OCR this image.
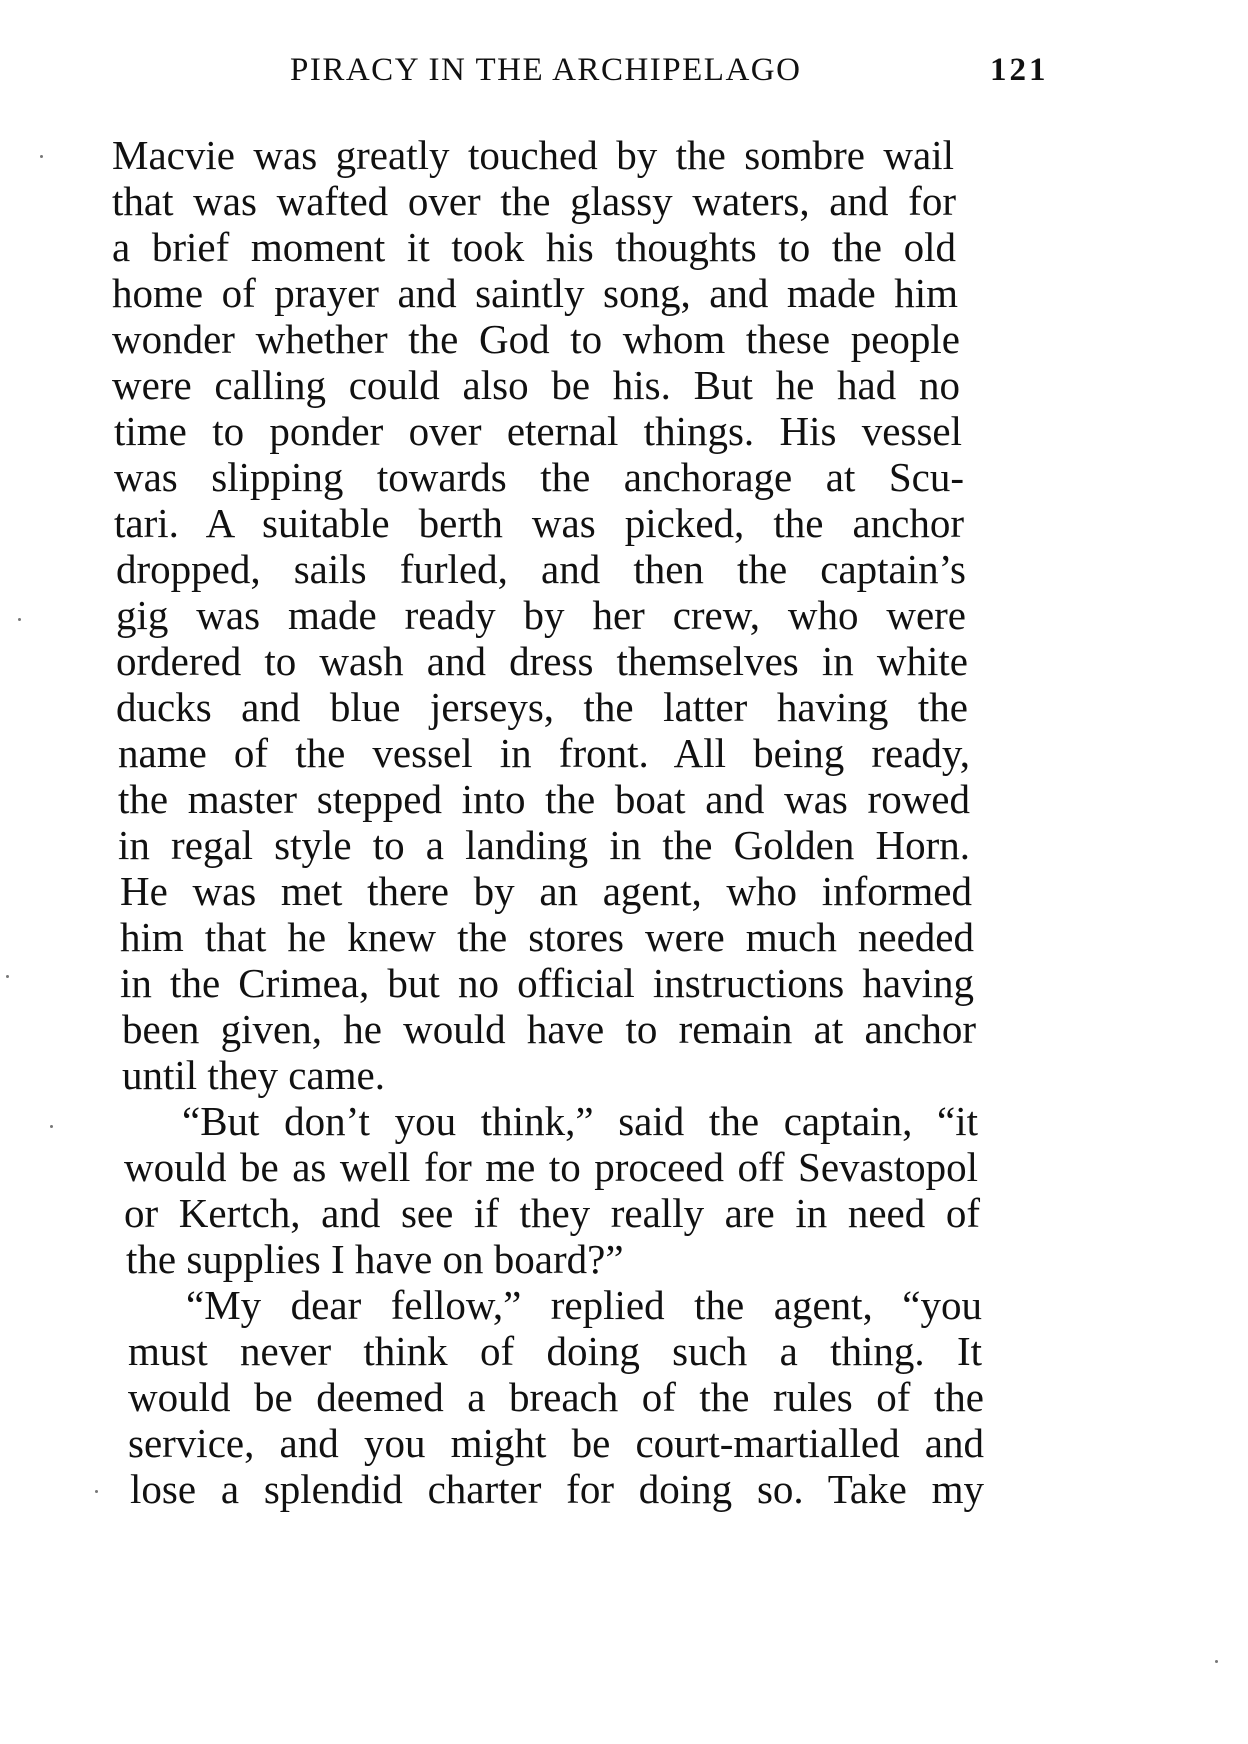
PIRACY IN THE ARCHIPELAGO	121
Macvie was greatly touched by the sombre wail
that was wafted over the glassy waters, and for
a brief moment it took his thoughts to the old
home of prayer and saintly song, and made him
wonder whether the God to whom these people
were calling could also be his. But he had no
time to ponder over eternal things. His vessel
was slipping towards the anchorage at Scu-
tari. A suitable berth was picked, the anchor
dropped, sails furled, and then the captain’s
gig was made ready by her crew, who were
ordered to wash and dress themselves in white
ducks and blue jerseys, the latter having the
name of the vessel in front. All being ready,
the master stepped into the boat and was rowed
in regal style to a landing in the Golden Horn.
He was met there by an agent, who informed
him that he knew the stores were much needed
in the Crimea, but no official instructions having
been given, he would have to remain at anchor
until they came.
“But don’t you think,” said the captain, “it
would be as well for me to proceed off Sevastopol
or Kertch, and see if they really are in need of
the supplies I have on board?”
“My dear fellow,” replied the agent, “you
must never think of doing such a thing. It
would be deemed a breach of the rules of the
service, and you might be court-martialled and
lose a splendid charter for doing so. Take my
